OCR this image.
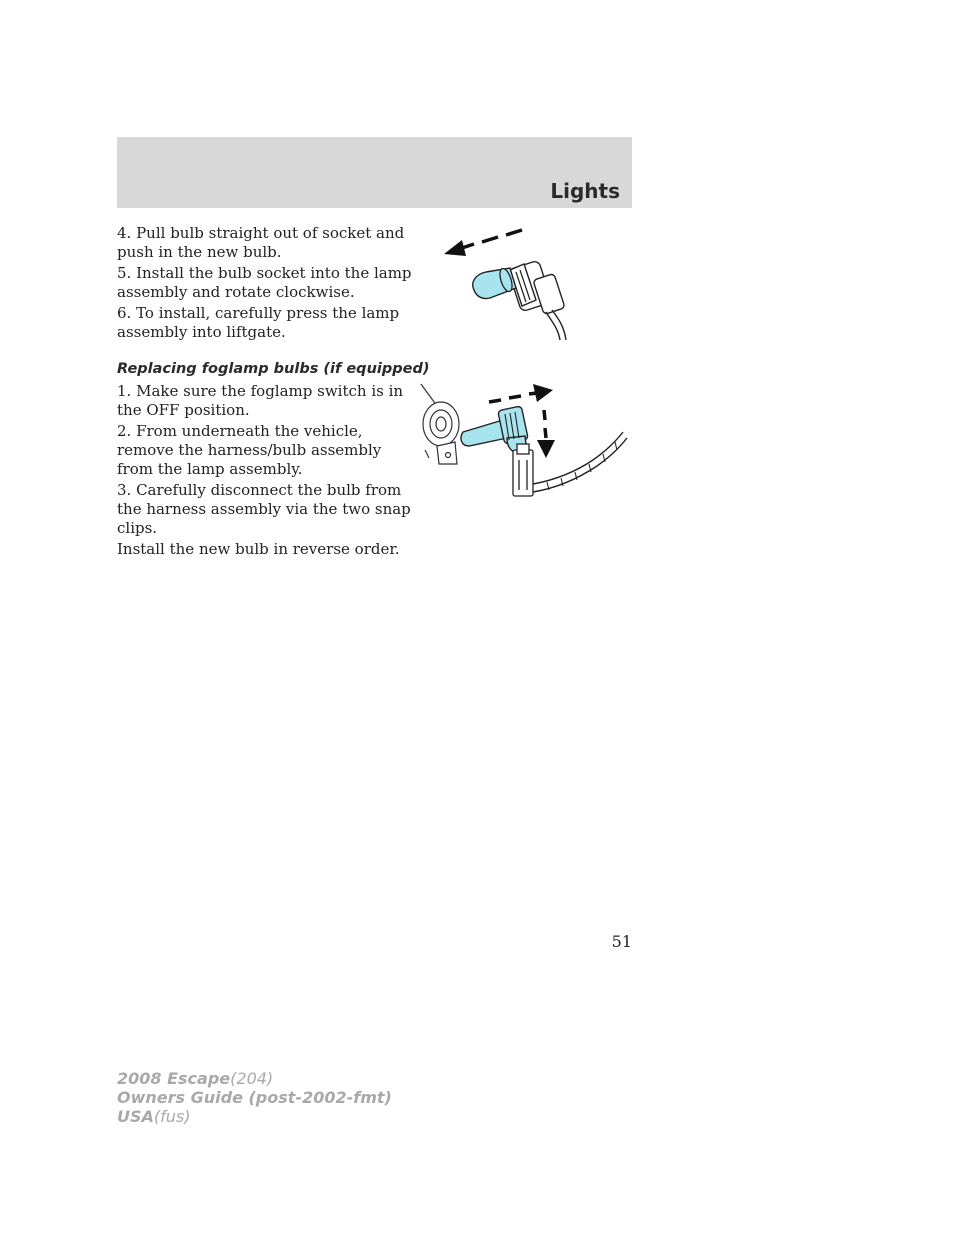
Lights

4. Pull bulb straight out of socket and push in the new bulb.

5. Install the bulb socket into the lamp assembly and rotate clockwise.

6. To install, carefully press the lamp assembly into liftgate.

Replacing foglamp bulbs (if equipped)

1. Make sure the foglamp switch is in the OFF position.

2. From underneath the vehicle, remove the harness/bulb assembly from the lamp assembly.

3. Carefully disconnect the bulb from the harness assembly via the two snap clips.

Install the new bulb in reverse order.

51
2008 Escape(204)
Owners Guide (post-2002-fmt)
USA(fus)
